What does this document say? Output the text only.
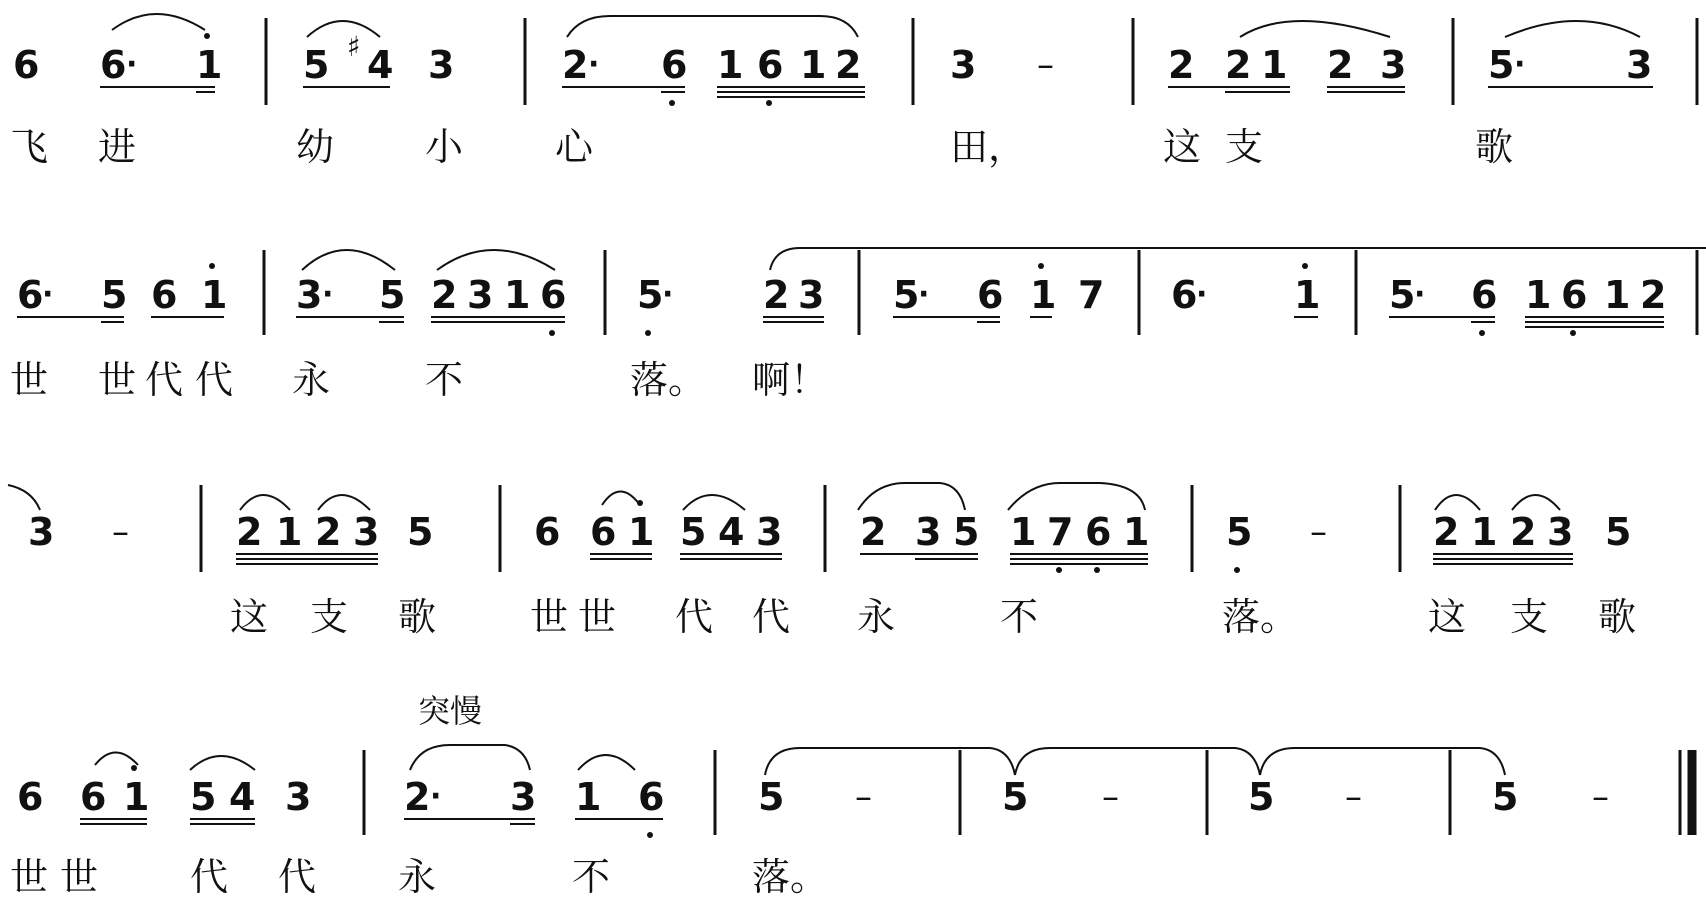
6 6 · 1 5 ♯ 4 3	2 · 6 1 6 1 2 3 –	2 2 1 2 3 5 ·	3
飞 进	幼 小 心	田，	这 支	歌
6
· 5 6 1 3 · 5 2 3 1 6 5
· 2 3 5
· 6 1 7 6
· 1 5
· 6 1 6 1 2
世 世 代 代 永 不	落。 啊！
3 –	2 1 2 3 5	6 6 1 5 4 3 2 3 5 1 7 6 1 5 –	2 1 2 3 5
这 支 歌 世 世 代 代 永	不	落。	这 支 歌
突慢
6 6 1 5 4 3 2 · 3 1 6 5 –	5 –	5 –	5 –
世 世 代 代 永	不	落。
